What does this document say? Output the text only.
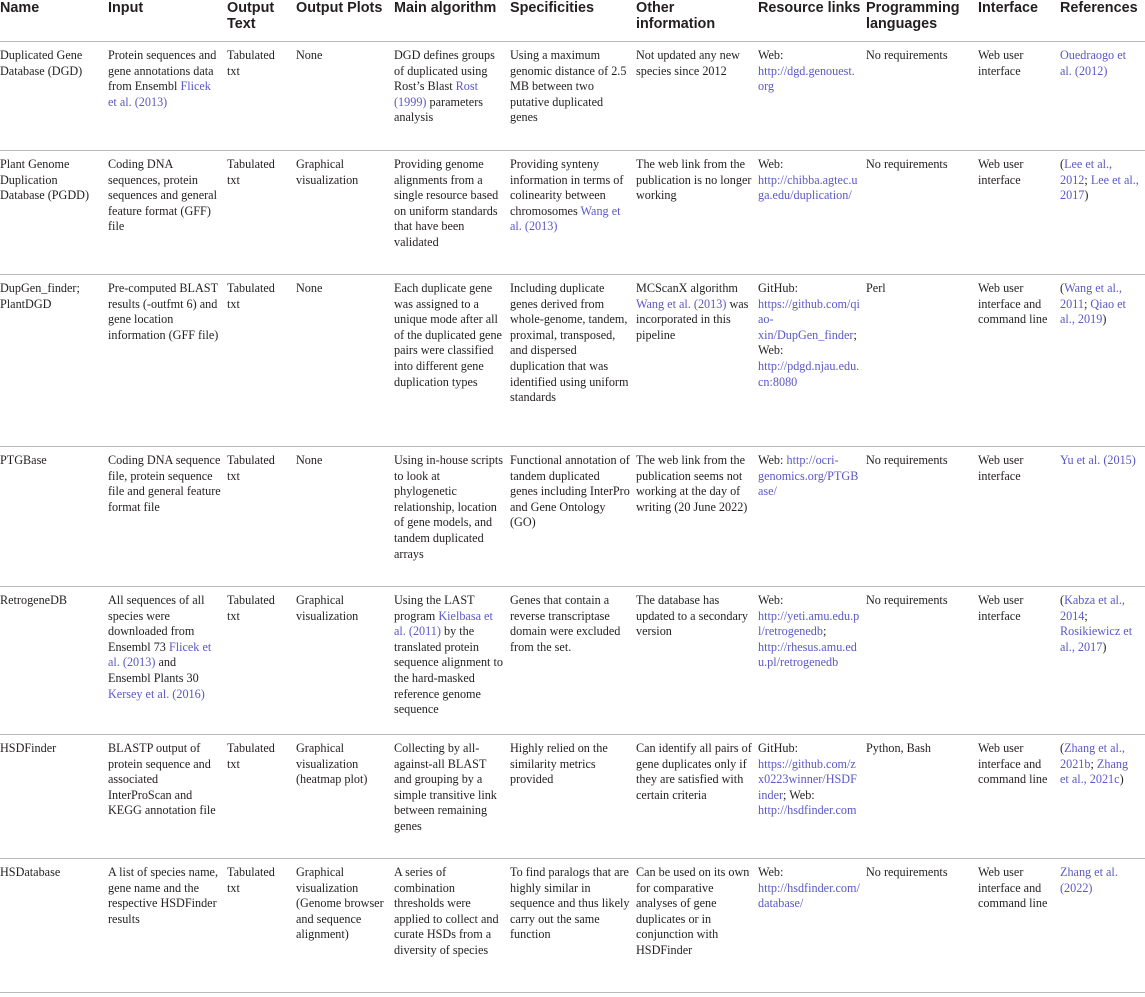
Name	Input	Output Text	Output Plots	Main algorithm	Specificities	Other information	Resource links	Programming languages	Interface	References
Duplicated Gene Database (DGD)	Protein sequences and gene annotations data from Ensembl Flicek et al. (2013)	Tabulated txt	None	DGD defines groups of duplicated using Rost’s Blast Rost (1999) parameters analysis	Using a maximum genomic distance of 2.5 MB between two putative duplicated genes	Not updated any new species since 2012	Web: http://dgd.genouest.org	No requirements	Web user interface	Ouedraogo et al. (2012)
Plant Genome Duplication Database (PGDD)	Coding DNA sequences, protein sequences and general feature format (GFF) file	Tabulated txt	Graphical visualization	Providing genome alignments from a single resource based on uniform standards that have been validated	Providing synteny information in terms of colinearity between chromosomes Wang et al. (2013)	The web link from the publication is no longer working	Web: http://chibba.agtec.uga.edu/duplication/	No requirements	Web user interface	(Lee et al., 2012; Lee et al., 2017)
DupGen_finder; PlantDGD	Pre-computed BLAST results (-outfmt 6) and gene location information (GFF file)	Tabulated txt	None	Each duplicate gene was assigned to a unique mode after all of the duplicated gene pairs were classified into different gene duplication types	Including duplicate genes derived from whole-genome, tandem, proximal, transposed, and dispersed duplication that was identified using uniform standards	MCScanX algorithm Wang et al. (2013) was incorporated in this pipeline	GitHub: https://github.com/qiao-xin/DupGen_finder; Web: http://pdgd.njau.edu.cn:8080	Perl	Web user interface and command line	(Wang et al., 2011; Qiao et al., 2019)
PTGBase	Coding DNA sequence file, protein sequence file and general feature format file	Tabulated txt	None	Using in-house scripts to look at phylogenetic relationship, location of gene models, and tandem duplicated arrays	Functional annotation of tandem duplicated genes including InterPro and Gene Ontology (GO)	The web link from the publication seems not working at the day of writing (20 June 2022)	Web: http://ocri-genomics.org/PTGBase/	No requirements	Web user interface	Yu et al. (2015)
RetrogeneDB	All sequences of all species were downloaded from Ensembl 73 Flicek et al. (2013) and Ensembl Plants 30 Kersey et al. (2016)	Tabulated txt	Graphical visualization	Using the LAST program Kielbasa et al. (2011) by the translated protein sequence alignment to the hard-masked reference genome sequence	Genes that contain a reverse transcriptase domain were excluded from the set.	The database has updated to a secondary version	Web: http://yeti.amu.edu.pl/retrogenedb; http://rhesus.amu.edu.pl/retrogenedb	No requirements	Web user interface	(Kabza et al., 2014; Rosikiewicz et al., 2017)
HSDFinder	BLASTP output of protein sequence and associated InterProScan and KEGG annotation file	Tabulated txt	Graphical visualization (heatmap plot)	Collecting by all-against-all BLAST and grouping by a simple transitive link between remaining genes	Highly relied on the similarity metrics provided	Can identify all pairs of gene duplicates only if they are satisfied with certain criteria	GitHub: https://github.com/zx0223winner/HSDFinder; Web: http://hsdfinder.com	Python, Bash	Web user interface and command line	(Zhang et al., 2021b; Zhang et al., 2021c)
HSDatabase	A list of species name, gene name and the respective HSDFinder results	Tabulated txt	Graphical visualization (Genome browser and sequence alignment)	A series of combination thresholds were applied to collect and curate HSDs from a diversity of species	To find paralogs that are highly similar in sequence and thus likely carry out the same function	Can be used on its own for comparative analyses of gene duplicates or in conjunction with HSDFinder	Web: http://hsdfinder.com/database/	No requirements	Web user interface and command line	Zhang et al. (2022)
